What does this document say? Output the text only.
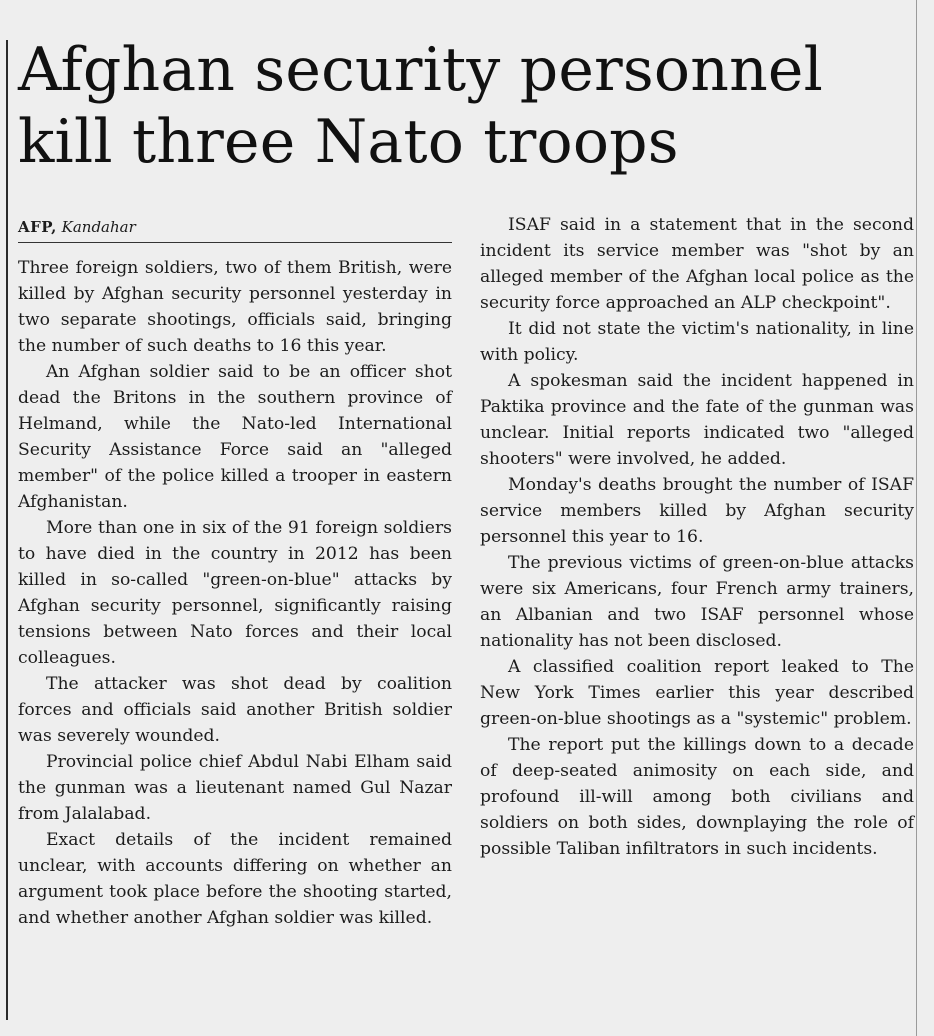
Afghan security personnel
kill three Nato troops
AFP, Kandahar

Three foreign soldiers, two of them British, were killed by Afghan security personnel yesterday in two separate shootings, officials said, bringing the number of such deaths to 16 this year.

An Afghan soldier said to be an officer shot dead the Britons in the southern province of Helmand, while the Nato-led International Security Assistance Force said an "alleged member" of the police killed a trooper in eastern Afghanistan.

More than one in six of the 91 foreign soldiers to have died in the country in 2012 has been killed in so-called "green-on-blue" attacks by Afghan security personnel, significantly raising tensions between Nato forces and their local colleagues.

The attacker was shot dead by coalition forces and officials said another British soldier was severely wounded.

Provincial police chief Abdul Nabi Elham said the gunman was a lieutenant named Gul Nazar from Jalalabad.

Exact details of the incident remained unclear, with accounts differing on whether an argument took place before the shooting started, and whether another Afghan soldier was killed.

ISAF said in a statement that in the second incident its service member was "shot by an alleged member of the Afghan local police as the security force approached an ALP checkpoint".

It did not state the victim's nationality, in line with policy.

A spokesman said the incident happened in Paktika province and the fate of the gunman was unclear. Initial reports indicated two "alleged shooters" were involved, he added.

Monday's deaths brought the number of ISAF service members killed by Afghan security personnel this year to 16.

The previous victims of green-on-blue attacks were six Americans, four French army trainers, an Albanian and two ISAF personnel whose nationality has not been disclosed.

A classified coalition report leaked to The New York Times earlier this year described green-on-blue shootings as a "systemic" problem.

The report put the killings down to a decade of deep-seated animosity on each side, and profound ill-will among both civilians and soldiers on both sides, downplaying the role of possible Taliban infiltrators in such incidents.
